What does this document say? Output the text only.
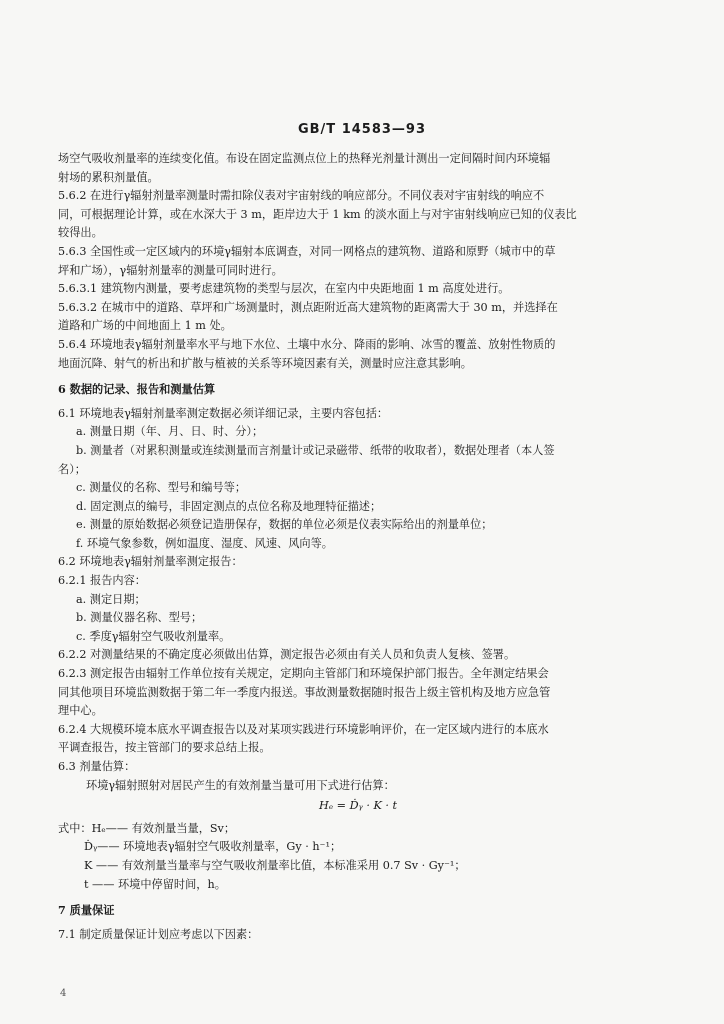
GB/T 14583—93

场空气吸收剂量率的连续变化值。布设在固定监测点位上的热释光剂量计测出一定间隔时间内环境辐

射场的累积剂量值。

5.6.2 在进行γ辐射剂量率测量时需扣除仪表对宇宙射线的响应部分。不同仪表对宇宙射线的响应不

同，可根据理论计算，或在水深大于 3 m，距岸边大于 1 km 的淡水面上与对宇宙射线响应已知的仪表比

较得出。

5.6.3 全国性或一定区域内的环境γ辐射本底调查，对同一网格点的建筑物、道路和原野（城市中的草

坪和广场），γ辐射剂量率的测量可同时进行。

5.6.3.1 建筑物内测量，要考虑建筑物的类型与层次，在室内中央距地面 1 m 高度处进行。

5.6.3.2 在城市中的道路、草坪和广场测量时，测点距附近高大建筑物的距离需大于 30 m，并选择在

道路和广场的中间地面上 1 m 处。

5.6.4 环境地表γ辐射剂量率水平与地下水位、土壤中水分、降雨的影响、冰雪的覆盖、放射性物质的

地面沉降、射气的析出和扩散与植被的关系等环境因素有关，测量时应注意其影响。

6 数据的记录、报告和测量估算

6.1 环境地表γ辐射剂量率测定数据必须详细记录，主要内容包括：

a. 测量日期（年、月、日、时、分）；

b. 测量者（对累积测量或连续测量而言剂量计或记录磁带、纸带的收取者），数据处理者（本人签

名）；

c. 测量仪的名称、型号和编号等；

d. 固定测点的编号，非固定测点的点位名称及地理特征描述；

e. 测量的原始数据必须登记造册保存，数据的单位必须是仪表实际给出的剂量单位；

f. 环境气象参数，例如温度、湿度、风速、风向等。

6.2 环境地表γ辐射剂量率测定报告：

6.2.1 报告内容：

a. 测定日期；

b. 测量仪器名称、型号；

c. 季度γ辐射空气吸收剂量率。

6.2.2 对测量结果的不确定度必须做出估算，测定报告必须由有关人员和负责人复核、签署。

6.2.3 测定报告由辐射工作单位按有关规定，定期向主管部门和环境保护部门报告。全年测定结果会

同其他项目环境监测数据于第二年一季度内报送。事故测量数据随时报告上级主管机构及地方应急管

理中心。

6.2.4 大规模环境本底水平调查报告以及对某项实践进行环境影响评价，在一定区域内进行的本底水

平调查报告，按主管部门的要求总结上报。

6.3 剂量估算：

环境γ辐射照射对居民产生的有效剂量当量可用下式进行估算：

Hₑ = Ḋᵧ · K · t

式中：Hₑ—— 有效剂量当量，Sv；

Ḋᵧ—— 环境地表γ辐射空气吸收剂量率，Gy · h⁻¹；

K —— 有效剂量当量率与空气吸收剂量率比值，本标准采用 0.7 Sv · Gy⁻¹；

t —— 环境中停留时间，h。

7 质量保证

7.1 制定质量保证计划应考虑以下因素：

4
